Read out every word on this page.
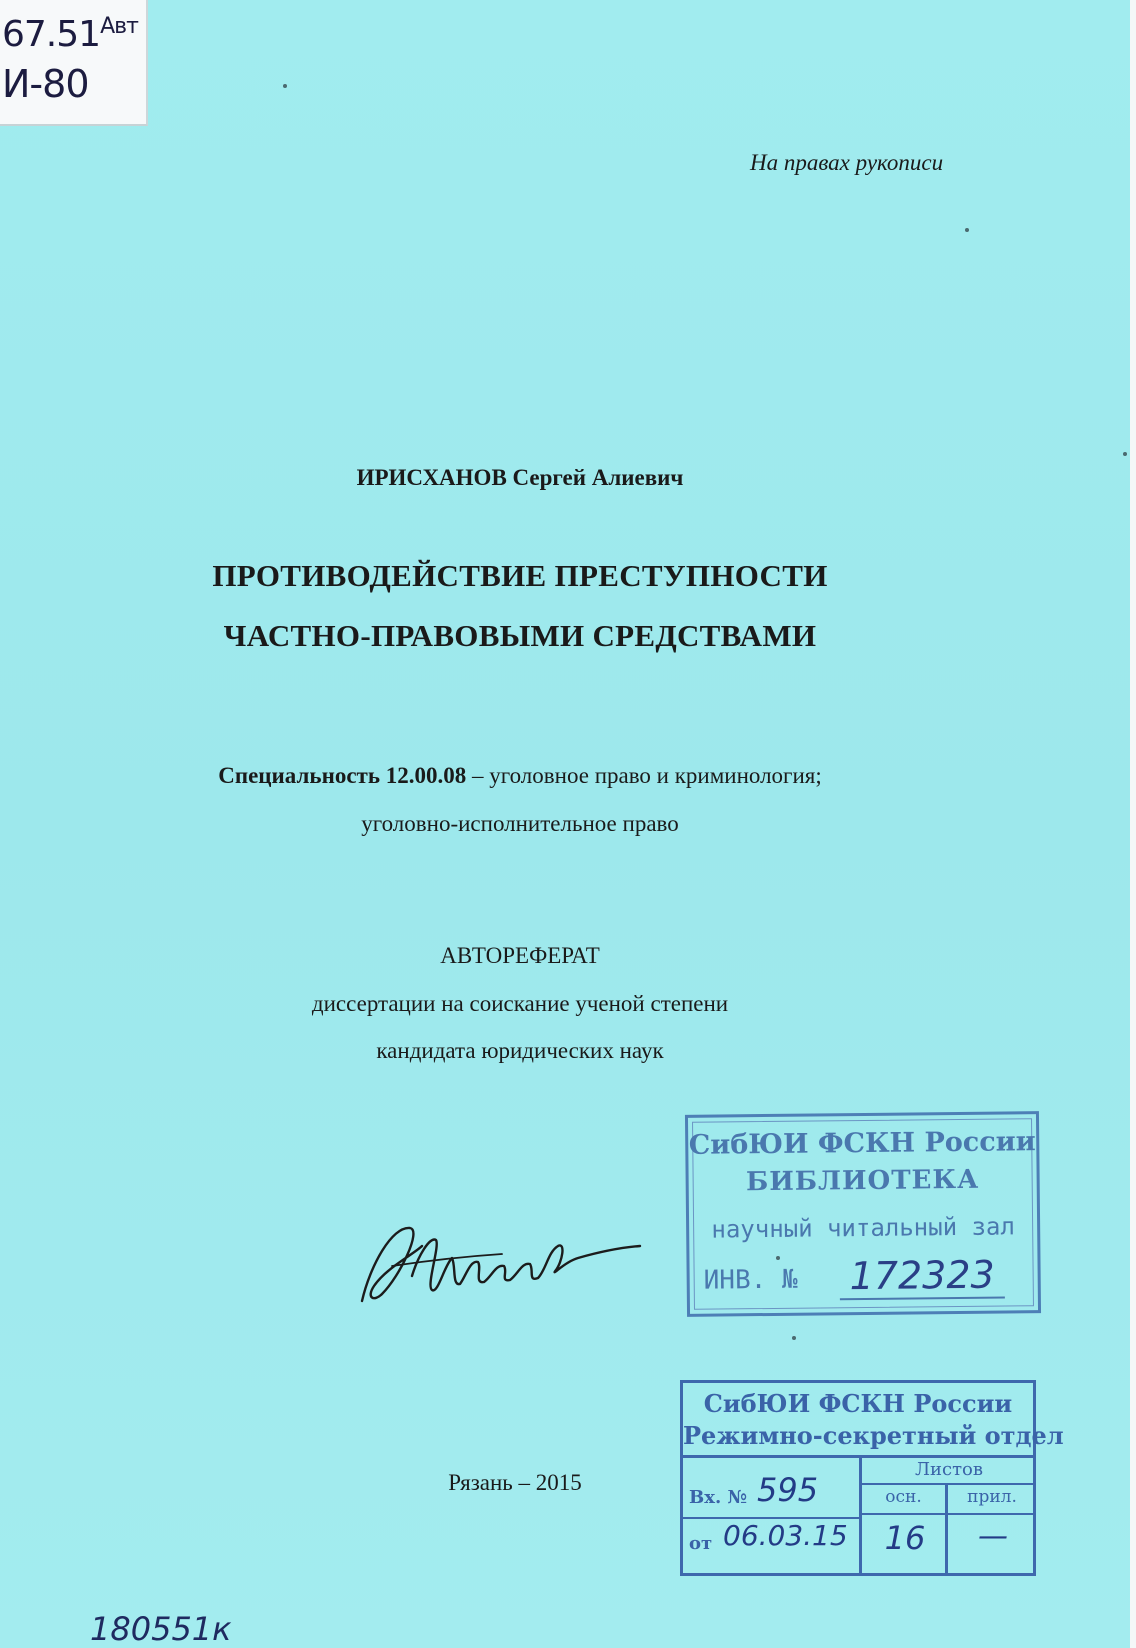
$67.51^{Авт}$
И-80
На правах рукописи
ИРИСХАНОВ Сергей Алиевич
ПРОТИВОДЕЙСТВИЕ ПРЕСТУПНОСТИ
ЧАСТНО-ПРАВОВЫМИ СРЕДСТВАМИ
Специальность 12.00.08 – уголовное право и криминология;
уголовно-исполнительное право
АВТОРЕФЕРАТ
диссертации на соискание ученой степени
кандидата юридических наук
СибЮИ ФСКН России
БИБЛИОТЕКА
научный читальный зал
ИНВ. № 172323
СибЮИ ФСКН России
Режимно-секретный отдел
Листов
осн.	прил.
Вх. № 595
от 06.03.15	16	—
Рязань – 2015
180551к
